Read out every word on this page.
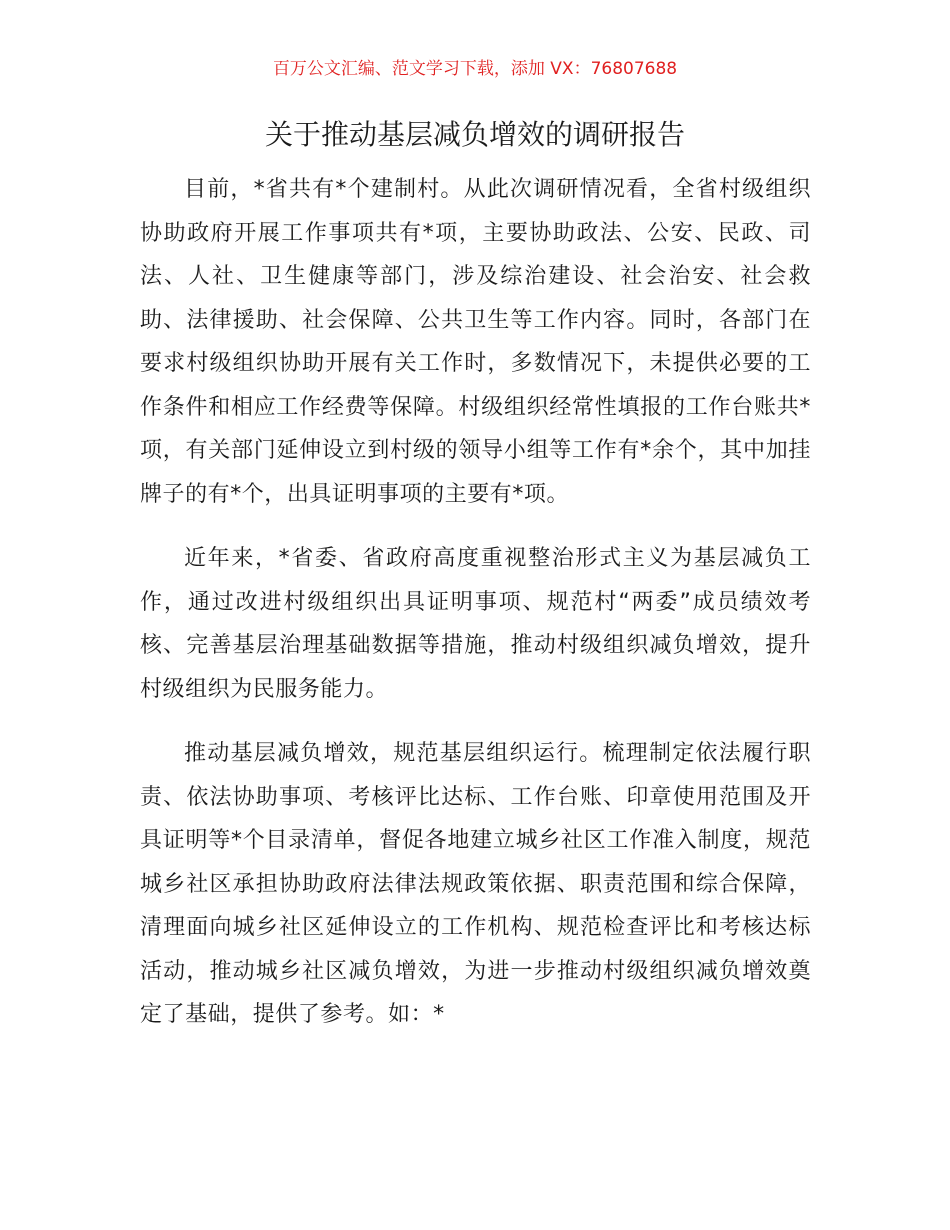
百万公文汇编、范文学习下载，添加 VX：76807688
关于推动基层减负增效的调研报告

目前，*省共有*个建制村。从此次调研情况看，全省村级组织协助政府开展工作事项共有*项，主要协助政法、公安、民政、司法、人社、卫生健康等部门，涉及综治建设、社会治安、社会救助、法律援助、社会保障、公共卫生等工作内容。同时，各部门在要求村级组织协助开展有关工作时，多数情况下，未提供必要的工作条件和相应工作经费等保障。村级组织经常性填报的工作台账共*项，有关部门延伸设立到村级的领导小组等工作有*余个，其中加挂牌子的有*个，出具证明事项的主要有*项。

近年来，*省委、省政府高度重视整治形式主义为基层减负工作，通过改进村级组织出具证明事项、规范村“两委”成员绩效考核、完善基层治理基础数据等措施，推动村级组织减负增效，提升村级组织为民服务能力。

推动基层减负增效，规范基层组织运行。梳理制定依法履行职责、依法协助事项、考核评比达标、工作台账、印章使用范围及开具证明等*个目录清单，督促各地建立城乡社区工作准入制度，规范城乡社区承担协助政府法律法规政策依据、职责范围和综合保障，清理面向城乡社区延伸设立的工作机构、规范检查评比和考核达标活动，推动城乡社区减负增效，为进一步推动村级组织减负增效奠定了基础，提供了参考。如：*
